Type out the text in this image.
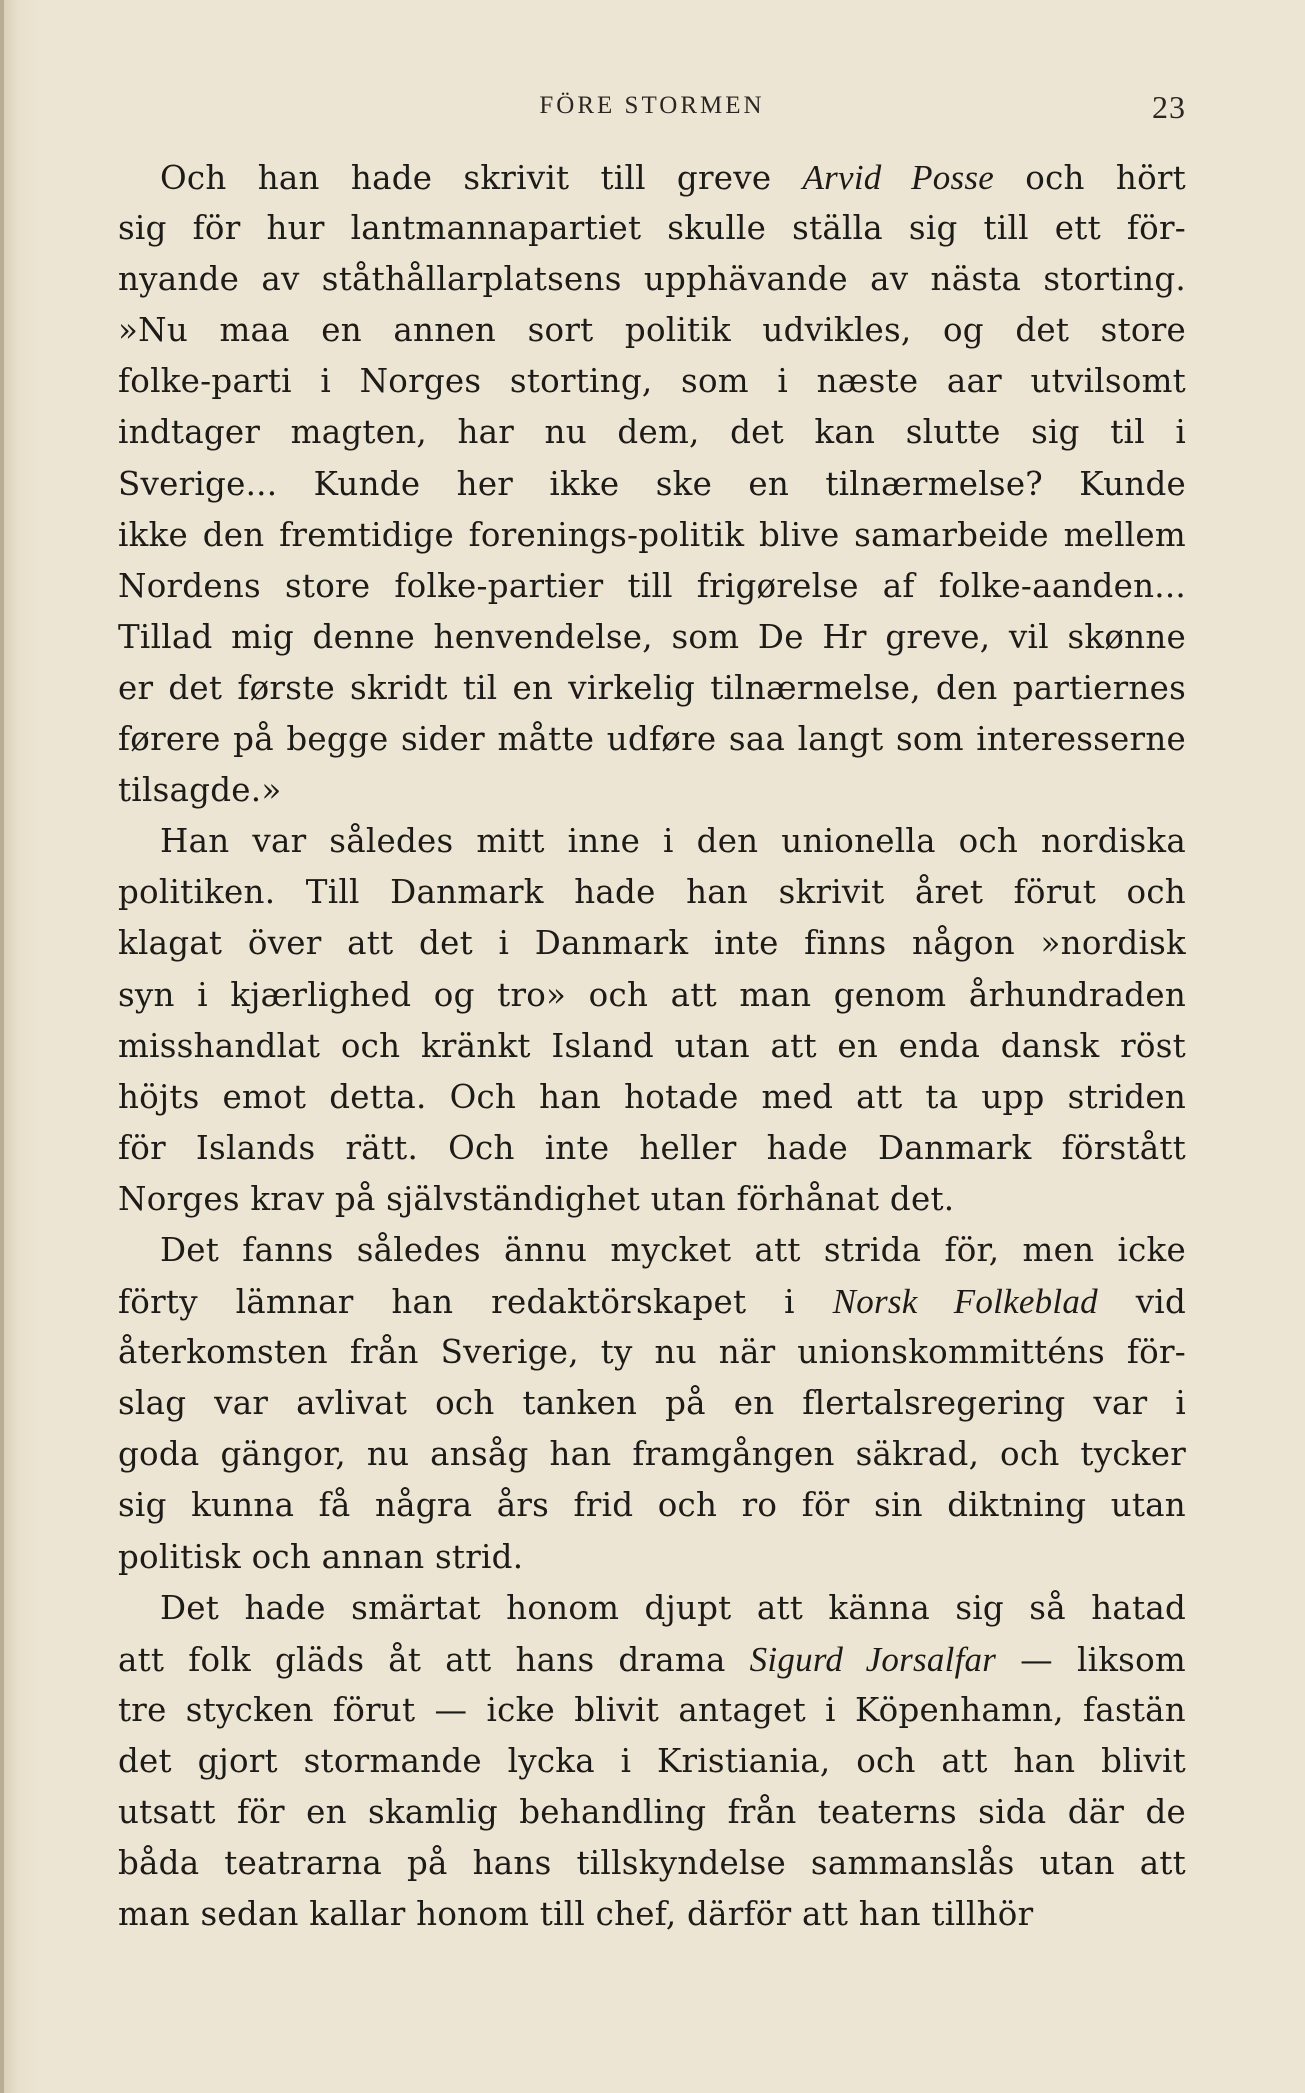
FÖRE STORMEN	23
Och han hade skrivit till greve Arvid Posse och hört
sig för hur lantmannapartiet skulle ställa sig till ett för-
nyande av ståthållarplatsens upphävande av nästa storting.
»Nu maa en annen sort politik udvikles, og det store
folke-parti i Norges storting, som i næste aar utvilsomt
indtager magten, har nu dem, det kan slutte sig til i
Sverige... Kunde her ikke ske en tilnærmelse? Kunde
ikke den fremtidige forenings-politik blive samarbeide mellem
Nordens store folke-partier till frigørelse af folke-aanden...
Tillad mig denne henvendelse, som De Hr greve, vil skønne
er det første skridt til en virkelig tilnærmelse, den partiernes
førere på begge sider måtte udføre saa langt som interesserne
tilsagde.»
Han var således mitt inne i den unionella och nordiska
politiken. Till Danmark hade han skrivit året förut och
klagat över att det i Danmark inte finns någon »nordisk
syn i kjærlighed og tro» och att man genom århundraden
misshandlat och kränkt Island utan att en enda dansk röst
höjts emot detta. Och han hotade med att ta upp striden
för Islands rätt. Och inte heller hade Danmark förstått
Norges krav på självständighet utan förhånat det.
Det fanns således ännu mycket att strida för, men icke
förty lämnar han redaktörskapet i Norsk Folkeblad vid
återkomsten från Sverige, ty nu när unionskommitténs för-
slag var avlivat och tanken på en flertalsregering var i
goda gängor, nu ansåg han framgången säkrad, och tycker
sig kunna få några års frid och ro för sin diktning utan
politisk och annan strid.
Det hade smärtat honom djupt att känna sig så hatad
att folk gläds åt att hans drama Sigurd Jorsalfar — liksom
tre stycken förut — icke blivit antaget i Köpenhamn, fastän
det gjort stormande lycka i Kristiania, och att han blivit
utsatt för en skamlig behandling från teaterns sida där de
båda teatrarna på hans tillskyndelse sammanslås utan att
man sedan kallar honom till chef, därför att han tillhör
